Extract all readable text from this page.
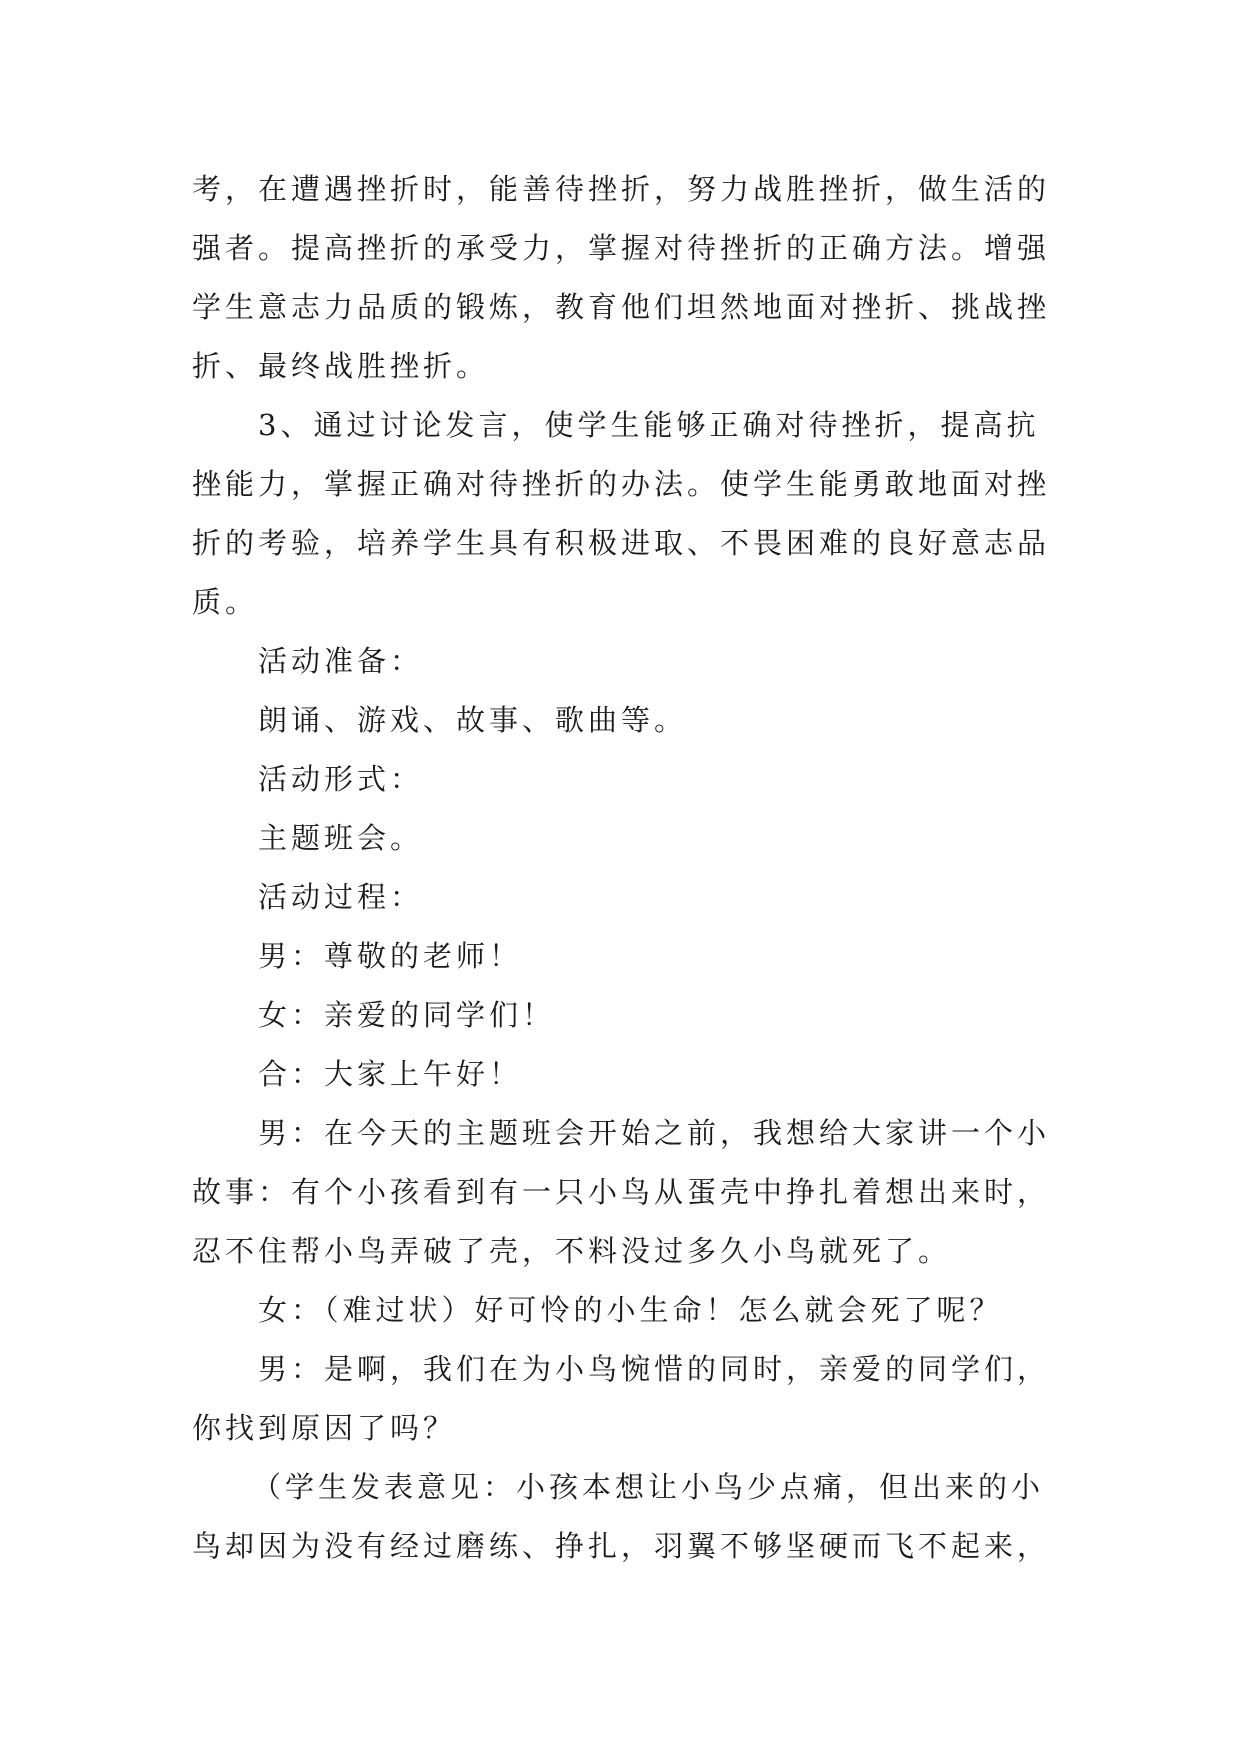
考，在遭遇挫折时，能善待挫折，努力战胜挫折，做生活的强者。提高挫折的承受力，掌握对待挫折的正确方法。增强学生意志力品质的锻炼，教育他们坦然地面对挫折、挑战挫折、最终战胜挫折。

3、通过讨论发言，使学生能够正确对待挫折，提高抗挫能力，掌握正确对待挫折的办法。使学生能勇敢地面对挫折的考验，培养学生具有积极进取、不畏困难的良好意志品质。

活动准备：

朗诵、游戏、故事、歌曲等。

活动形式：

主题班会。

活动过程：

男：尊敬的老师！

女：亲爱的同学们！

合：大家上午好！

男：在今天的主题班会开始之前，我想给大家讲一个小故事：有个小孩看到有一只小鸟从蛋壳中挣扎着想出来时，忍不住帮小鸟弄破了壳，不料没过多久小鸟就死了。

女：（难过状）好可怜的小生命！怎么就会死了呢？

男：是啊，我们在为小鸟惋惜的同时，亲爱的同学们，你找到原因了吗？

（学生发表意见：小孩本想让小鸟少点痛，但出来的小鸟却因为没有经过磨练、挣扎，羽翼不够坚硬而飞不起来，
